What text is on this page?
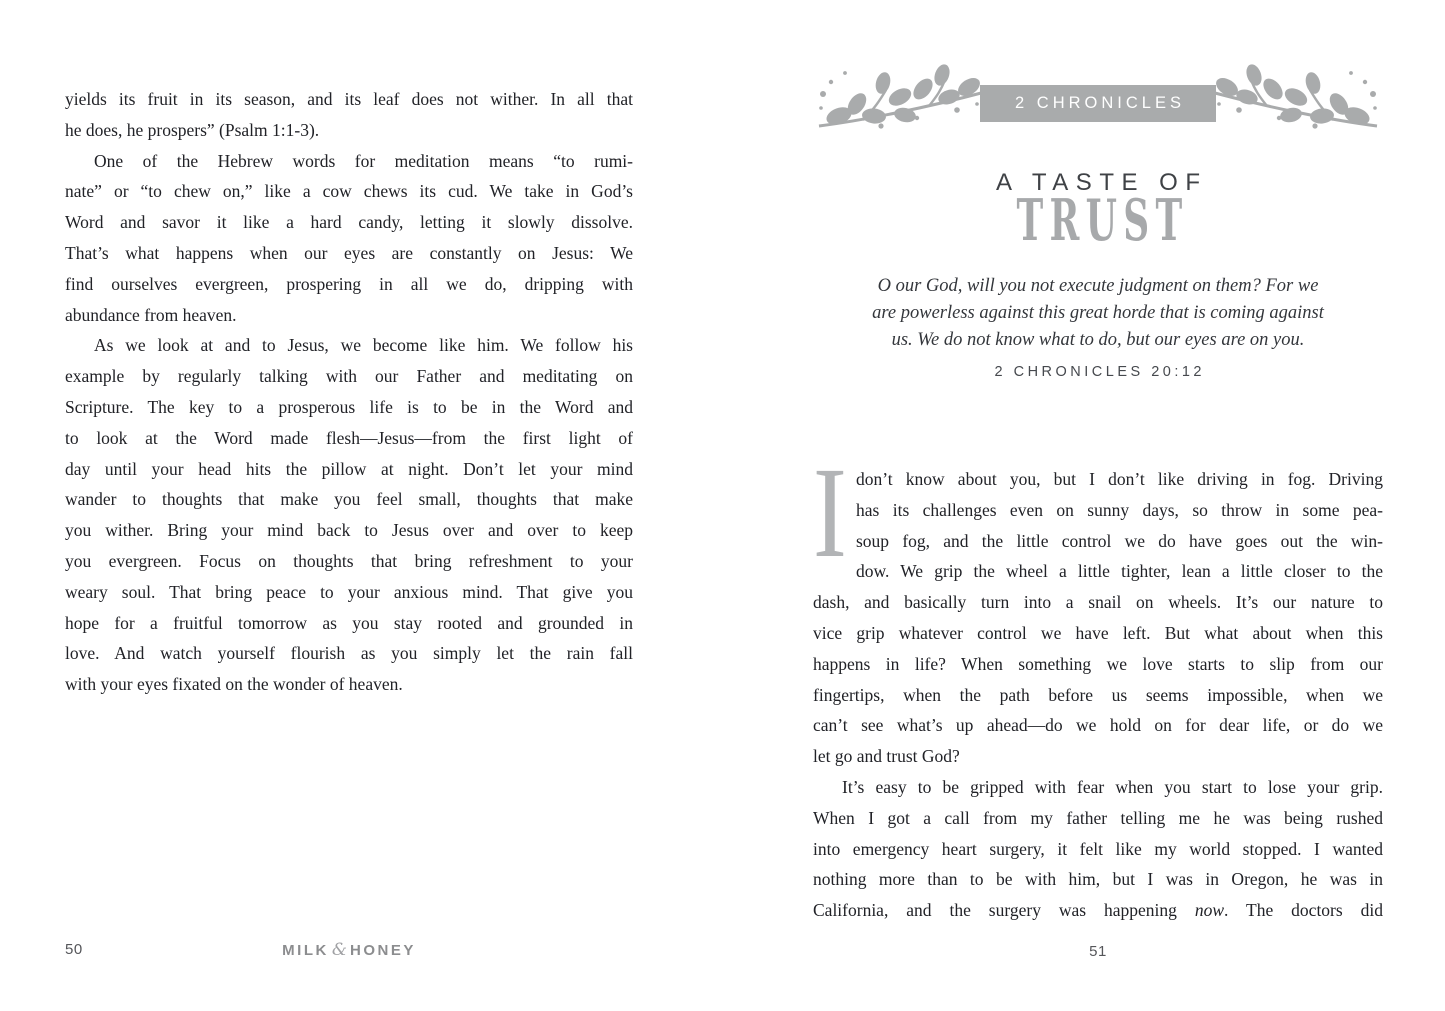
yields its fruit in its season, and its leaf does not wither. In all that

he does, he prospers” (Psalm 1:1-3).

One of the Hebrew words for meditation means “to rumi-

nate” or “to chew on,” like a cow chews its cud. We take in God’s

Word and savor it like a hard candy, letting it slowly dissolve.

That’s what happens when our eyes are constantly on Jesus: We

find ourselves evergreen, prospering in all we do, dripping with

abundance from heaven.

As we look at and to Jesus, we become like him. We follow his

example by regularly talking with our Father and meditating on

Scripture. The key to a prosperous life is to be in the Word and

to look at the Word made flesh—Jesus—from the first light of

day until your head hits the pillow at night. Don’t let your mind

wander to thoughts that make you feel small, thoughts that make

you wither. Bring your mind back to Jesus over and over to keep

you evergreen. Focus on thoughts that bring refreshment to your

weary soul. That bring peace to your anxious mind. That give you

hope for a fruitful tomorrow as you stay rooted and grounded in

love. And watch yourself flourish as you simply let the rain fall

with your eyes fixated on the wonder of heaven.

50	MILK & HONEY
2 CHRONICLES
A TASTE OF
TRUST
O our God, will you not execute judgment on them? For we
are powerless against this great horde that is coming against
us. We do not know what to do, but our eyes are on you.
2 CHRONICLES 20:12
51
I don’t know about you, but I don’t like driving in fog. Driving

has its challenges even on sunny days, so throw in some pea-

soup fog, and the little control we do have goes out the win-

dow. We grip the wheel a little tighter, lean a little closer to the

dash, and basically turn into a snail on wheels. It’s our nature to

vice grip whatever control we have left. But what about when this

happens in life? When something we love starts to slip from our

fingertips, when the path before us seems impossible, when we

can’t see what’s up ahead—do we hold on for dear life, or do we

let go and trust God?

It’s easy to be gripped with fear when you start to lose your grip.

When I got a call from my father telling me he was being rushed

into emergency heart surgery, it felt like my world stopped. I wanted

nothing more than to be with him, but I was in Oregon, he was in

California, and the surgery was happening now. The doctors did
